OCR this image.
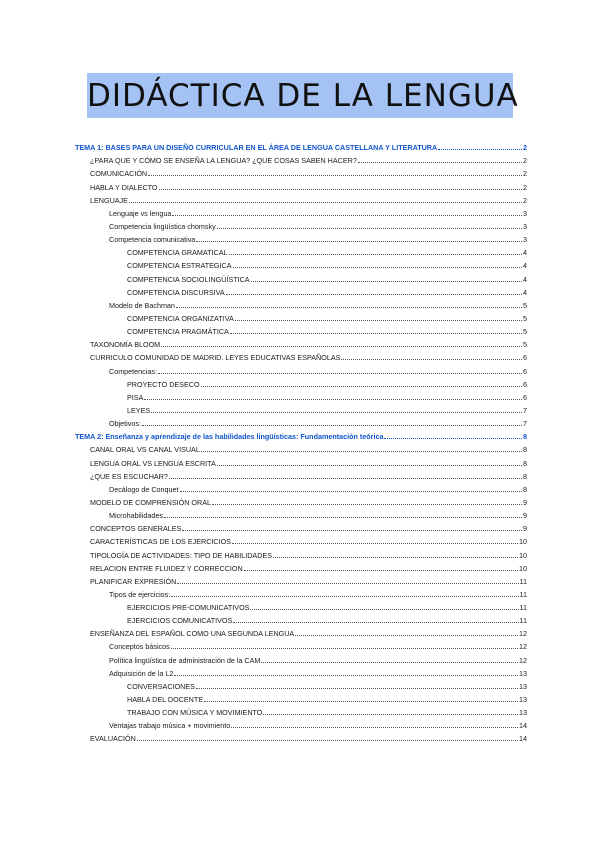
DIDÁCTICA DE LA LENGUA
TEMA 1: BASES PARA UN DISEÑO CURRICULAR EN EL ÁREA DE LENGUA CASTELLANA Y LITERATURA	2
¿PARA QUE Y CÓMO SE ENSEÑA LA LENGUA? ¿QUE COSAS SABEN HACER?	2
COMUNICACIÓN	2
HABLA Y DIALECTO	2
LENGUAJE	2
Lenguaje vs lengua	3
Competencia lingüística chomsky	3
Competencia comunicativa	3
COMPETENCIA GRAMATICAL	4
COMPETENCIA ESTRATEGICA	4
COMPETENCIA SOCIOLINGÜÍSTICA	4
COMPETENCIA DISCURSIVA	4
Modelo de Bachman	5
COMPETENCIA ORGANIZATIVA	5
COMPETENCIA PRAGMÁTICA	5
TAXONOMÍA BLOOM	5
CURRICULO COMUNIDAD DE MADRID. LEYES EDUCATIVAS ESPAÑOLAS	6
Competencias:	6
PROYECTO DESECO	6
PISA	6
LEYES	7
Objetivos:	7
TEMA 2: Enseñanza y aprendizaje de las habilidades lingüísticas: Fundamentación teórica	8
CANAL ORAL VS CANAL VISUAL	8
LENGUA ORAL VS LENGUA ESCRITA	8
¿QUE ES ESCUCHAR?	8
Decálogo de Conquet	8
MODELO DE COMPRENSIÓN ORAL	9
Microhabilidades	9
CONCEPTOS GENERALES	9
CARACTERÍSTICAS DE LOS EJERCICIOS	10
TIPOLOGÍA DE ACTIVIDADES: TIPO DE HABILIDADES	10
RELACION ENTRE FLUIDEZ Y CORRECCION	10
PLANIFICAR EXPRESIÓN	11
Tipos de ejercicios:	11
EJERCICIOS PRE-COMUNICATIVOS	11
EJERCICIOS COMUNICATIVOS	11
ENSEÑANZA DEL ESPAÑOL COMO UNA SEGUNDA LENGUA	12
Conceptos básicos	12
Política lingüística de administración de la CAM	12
Adquisición de la L2	13
CONVERSACIONES	13
HABLA DEL DOCENTE	13
TRABAJO CON MÚSICA Y MOVIMIENTO	13
Ventajas trabajo música + movimiento	14
EVALUACIÓN	14
